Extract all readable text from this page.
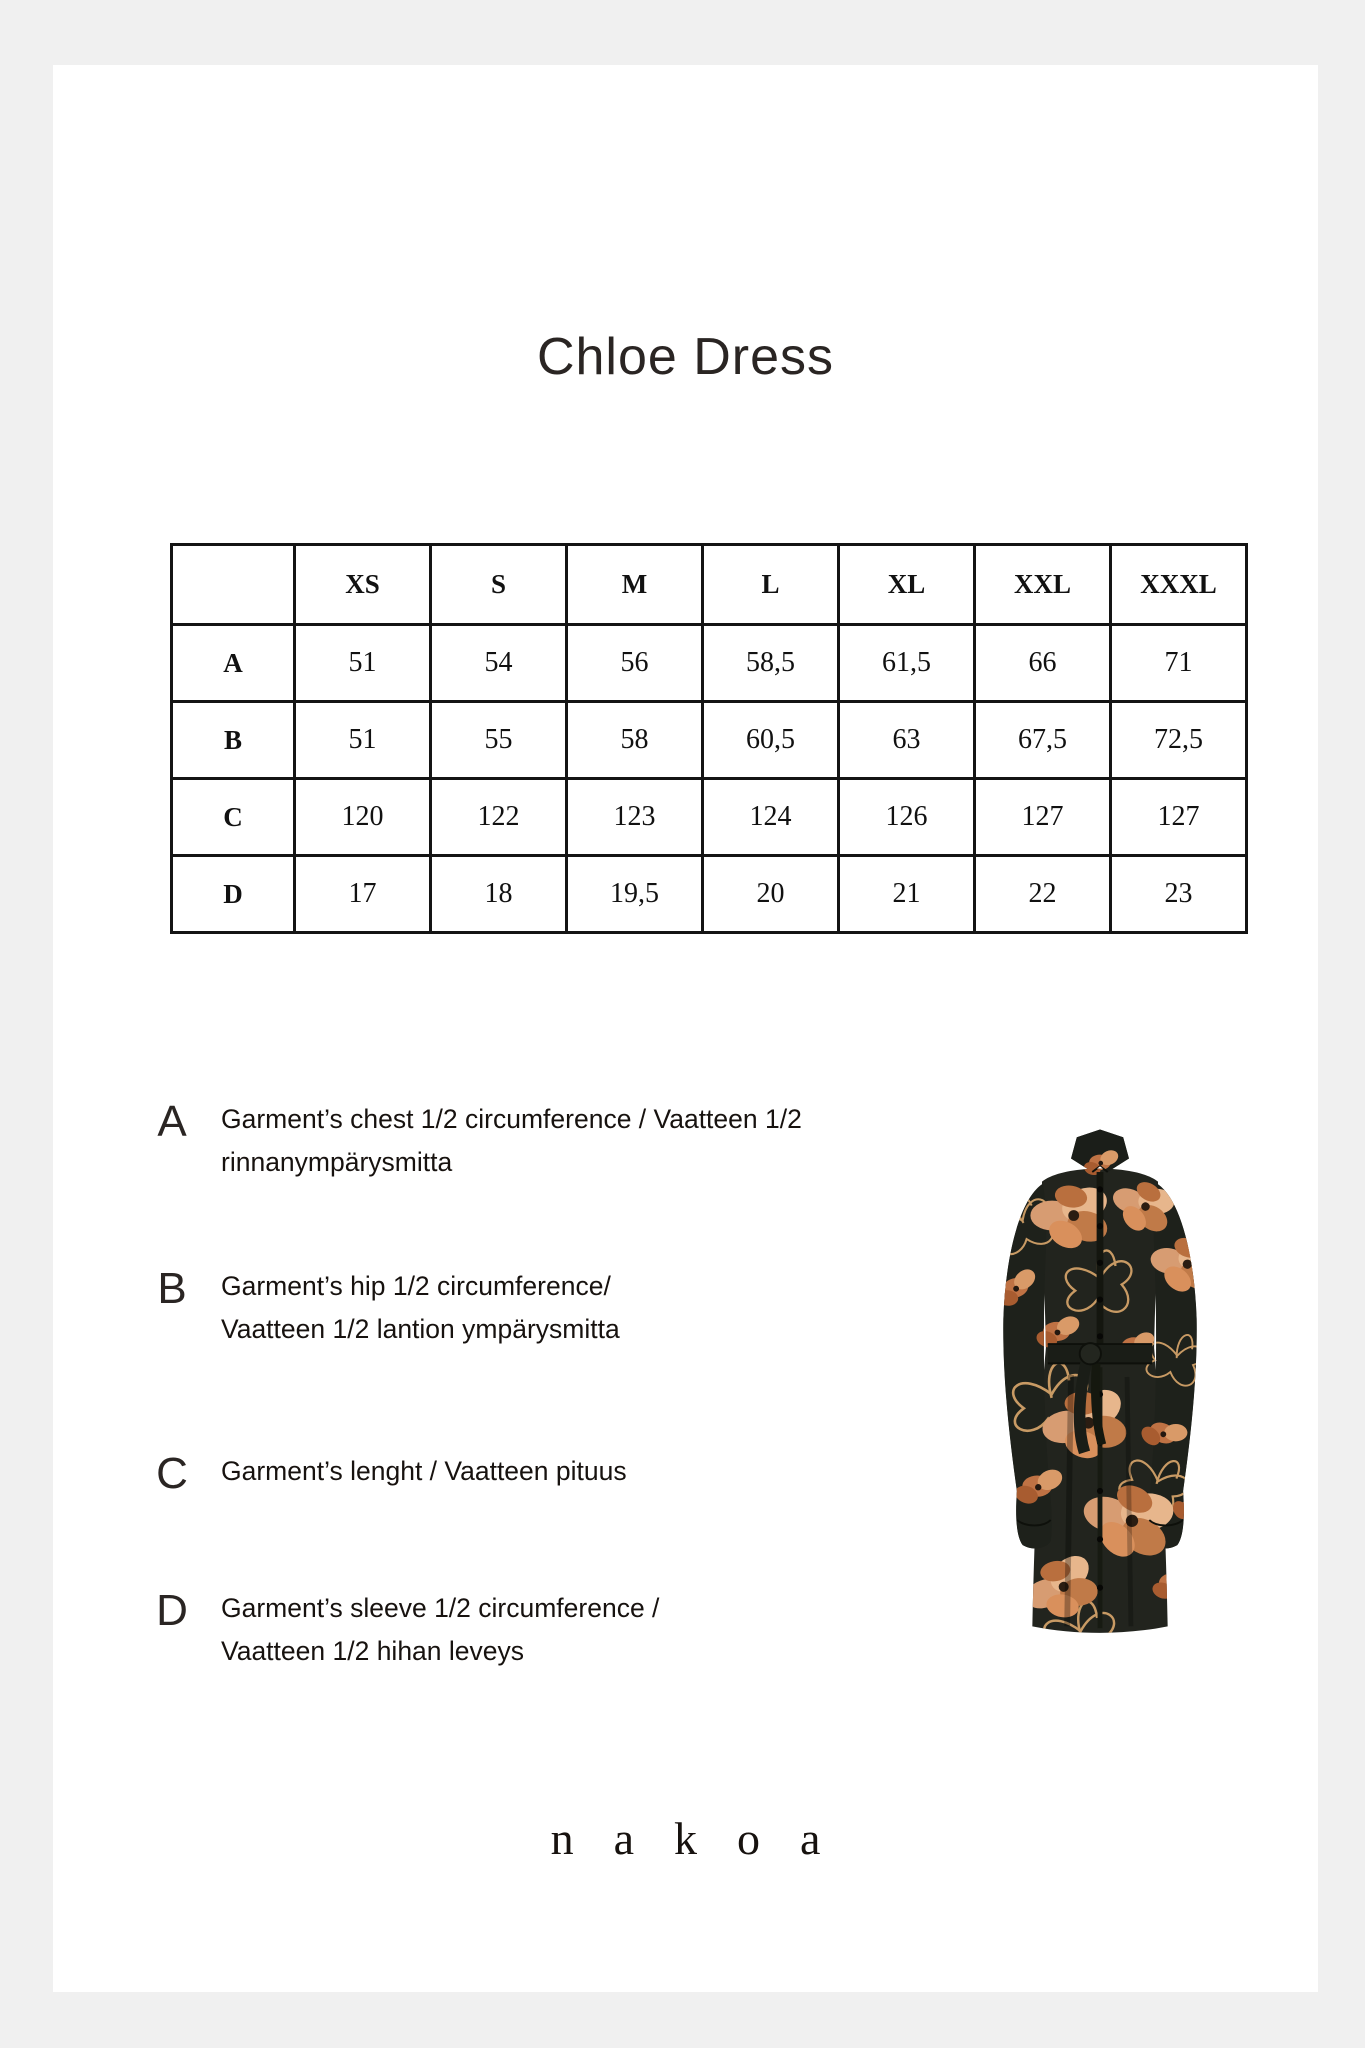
Chloe Dress
	XS	S	M	L	XL	XXL	XXXL
A	51	54	56	58,5	61,5	66	71
B	51	55	58	60,5	63	67,5	72,5
C	120	122	123	124	126	127	127
D	17	18	19,5	20	21	22	23
A	Garment’s chest 1/2 circumference / Vaatteen 1/2
rinnanympärysmitta
B	Garment’s hip 1/2 circumference/
Vaatteen 1/2 lantion ympärysmitta
C	Garment’s lenght / Vaatteen pituus
D	Garment’s sleeve 1/2 circumference /
Vaatteen 1/2 hihan leveys
nakoa
